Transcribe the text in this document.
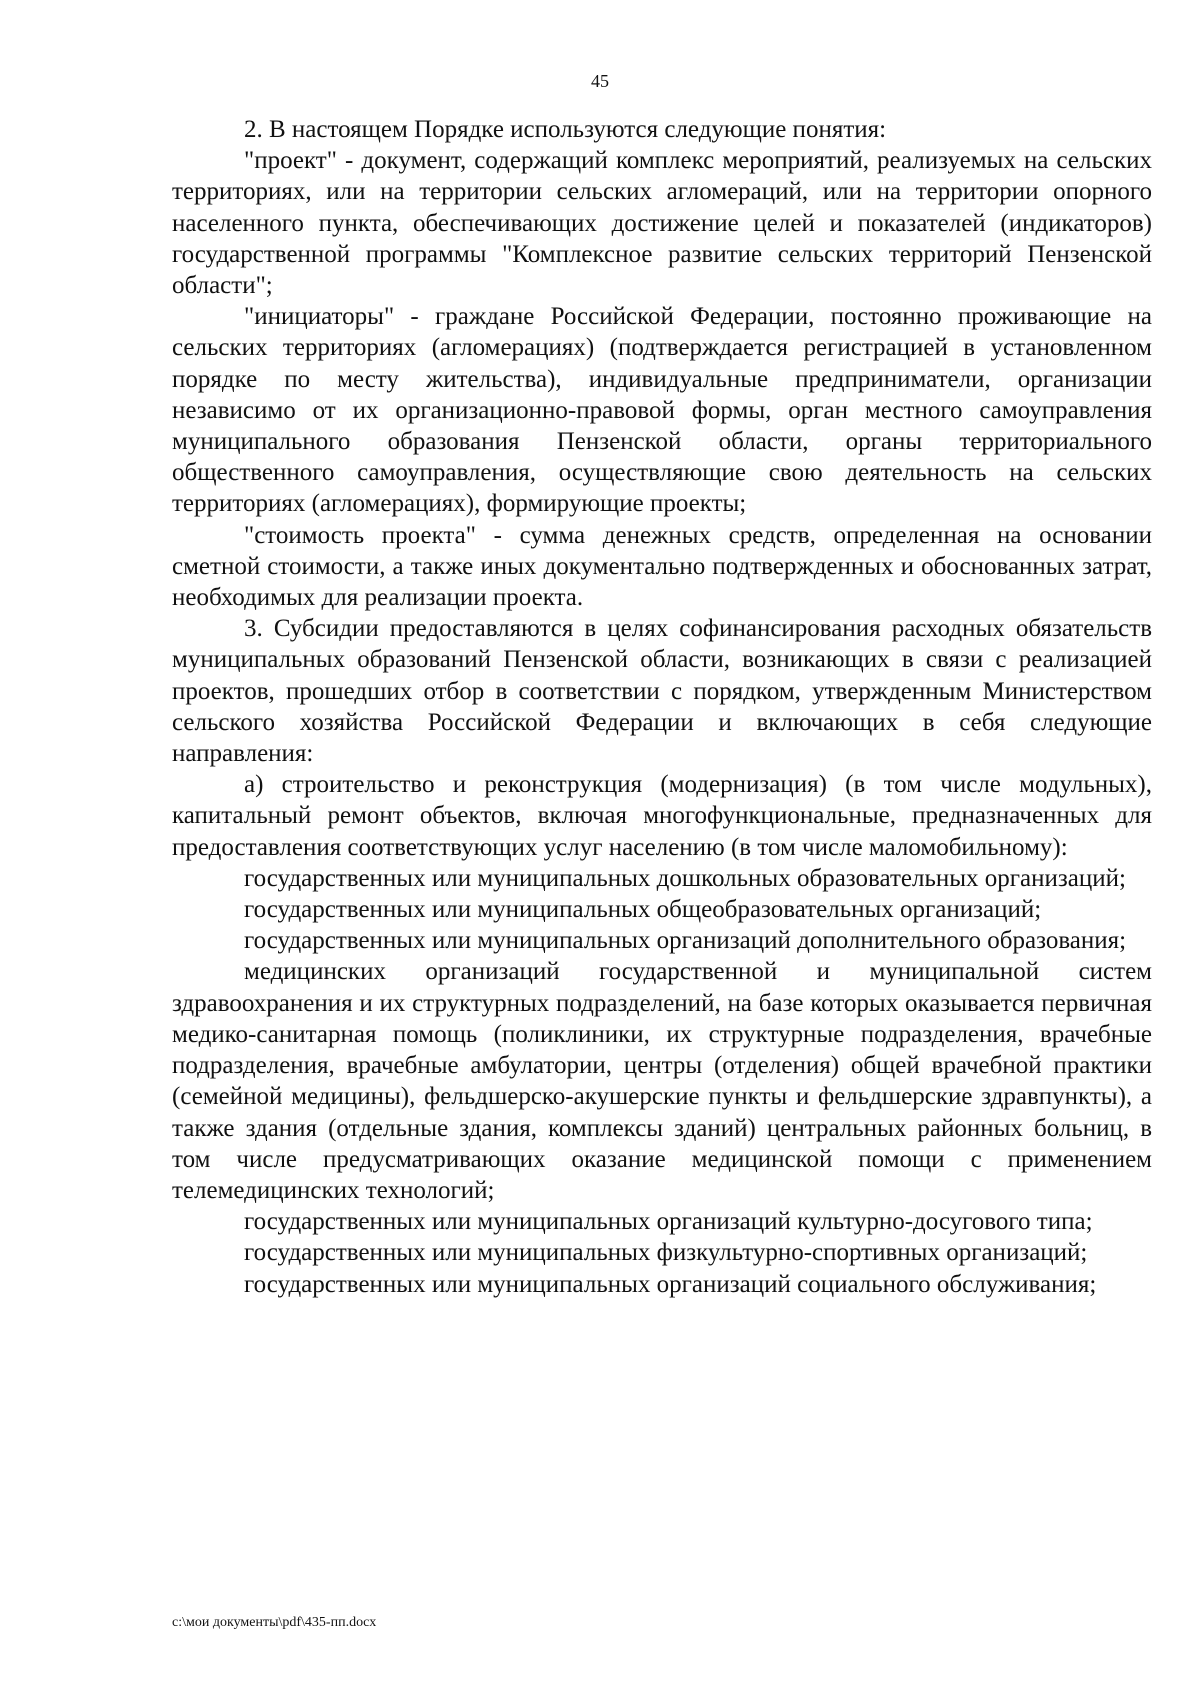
45

2. В настоящем Порядке используются следующие понятия:

"проект" - документ, содержащий комплекс мероприятий, реализуемых на сельских территориях, или на территории сельских агломераций, или на территории опорного населенного пункта, обеспечивающих достижение целей и показателей (индикаторов) государственной программы "Комплексное развитие сельских территорий Пензенской области";

"инициаторы" - граждане Российской Федерации, постоянно проживающие на сельских территориях (агломерациях) (подтверждается регистрацией в установленном порядке по месту жительства), индивидуальные предприниматели, организации независимо от их организационно-правовой формы, орган местного самоуправления муниципального образования Пензенской области, органы территориального общественного самоуправления, осуществляющие свою деятельность на сельских территориях (агломерациях), формирующие проекты;

"стоимость проекта" - сумма денежных средств, определенная на основании сметной стоимости, а также иных документально подтвержденных и обоснованных затрат, необходимых для реализации проекта.

3. Субсидии предоставляются в целях софинансирования расходных обязательств муниципальных образований Пензенской области, возникающих в связи с реализацией проектов, прошедших отбор в соответствии с порядком, утвержденным Министерством сельского хозяйства Российской Федерации и включающих в себя следующие направления:

а) строительство и реконструкция (модернизация) (в том числе модульных), капитальный ремонт объектов, включая многофункциональные, предназначенных для предоставления соответствующих услуг населению (в том числе маломобильному):

государственных или муниципальных дошкольных образовательных организаций;

государственных или муниципальных общеобразовательных организаций;

государственных или муниципальных организаций дополнительного образования;

медицинских организаций государственной и муниципальной систем здравоохранения и их структурных подразделений, на базе которых оказывается первичная медико-санитарная помощь (поликлиники, их структурные подразделения, врачебные подразделения, врачебные амбулатории, центры (отделения) общей врачебной практики (семейной медицины), фельдшерско-акушерские пункты и фельдшерские здравпункты), а также здания (отдельные здания, комплексы зданий) центральных районных больниц, в том числе предусматривающих оказание медицинской помощи с применением телемедицинских технологий;

государственных или муниципальных организаций культурно-досугового типа;

государственных или муниципальных физкультурно-спортивных организаций;

государственных или муниципальных организаций социального обслуживания;

c:\мои документы\pdf\435-пп.docx
